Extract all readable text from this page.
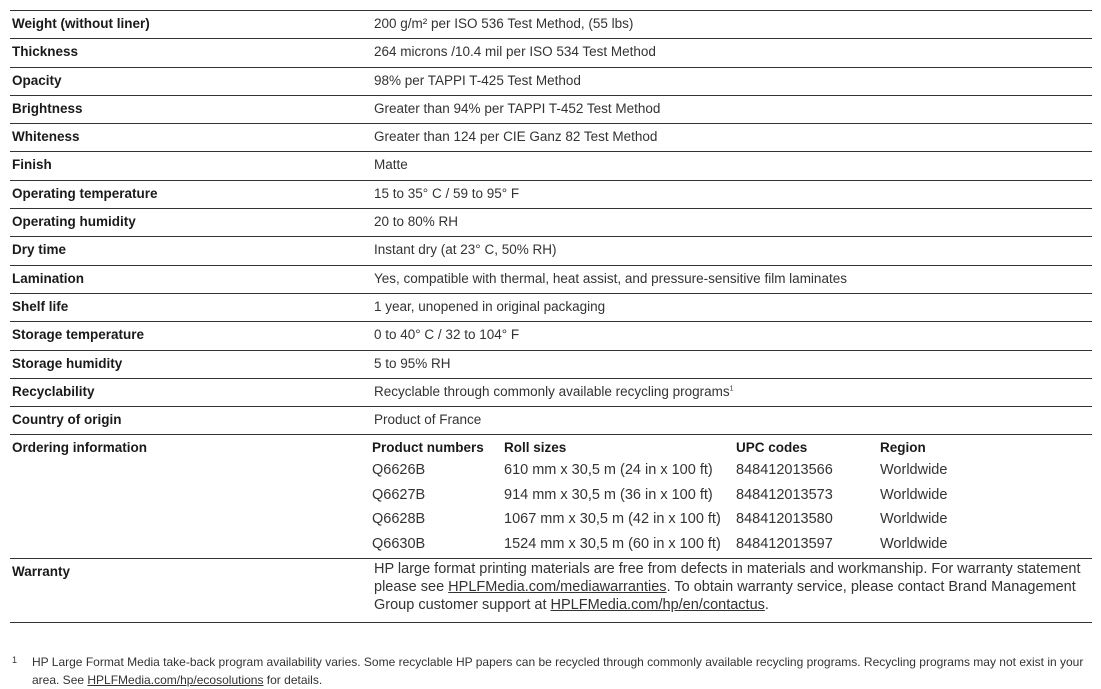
Weight (without liner)	200 g/m² per ISO 536 Test Method, (55 lbs)
Thickness	264 microns /10.4 mil per ISO 534 Test Method
Opacity	98% per TAPPI T-425 Test Method
Brightness	Greater than 94% per TAPPI T-452 Test Method
Whiteness	Greater than 124 per CIE Ganz 82 Test Method
Finish	Matte
Operating temperature	15 to 35° C / 59 to 95° F
Operating humidity	20 to 80% RH
Dry time	Instant dry (at 23° C, 50% RH)
Lamination	Yes, compatible with thermal, heat assist, and pressure-sensitive film laminates
Shelf life	1 year, unopened in original packaging
Storage temperature	0 to 40° C / 32 to 104° F
Storage humidity	5 to 95% RH
Recyclability	Recyclable through commonly available recycling programs$^1$
Country of origin	Product of France
Ordering information	Product numbers	Roll sizes	UPC codes	Region
Q6626B	610 mm x 30,5 m (24 in x 100 ft)	848412013566	Worldwide
Q6627B	914 mm x 30,5 m (36 in x 100 ft)	848412013573	Worldwide
Q6628B	1067 mm x 30,5 m (42 in x 100 ft)	848412013580	Worldwide
Q6630B	1524 mm x 30,5 m (60 in x 100 ft)	848412013597	Worldwide
Warranty	HP large format printing materials are free from defects in materials and workmanship. For warranty statement please see HPLFMedia.com/mediawarranties. To obtain warranty service, please contact Brand Management Group customer support at HPLFMedia.com/hp/en/contactus.
1 HP Large Format Media take-back program availability varies. Some recyclable HP papers can be recycled through commonly available recycling programs. Recycling programs may not exist in your area. See HPLFMedia.com/hp/ecosolutions for details.
